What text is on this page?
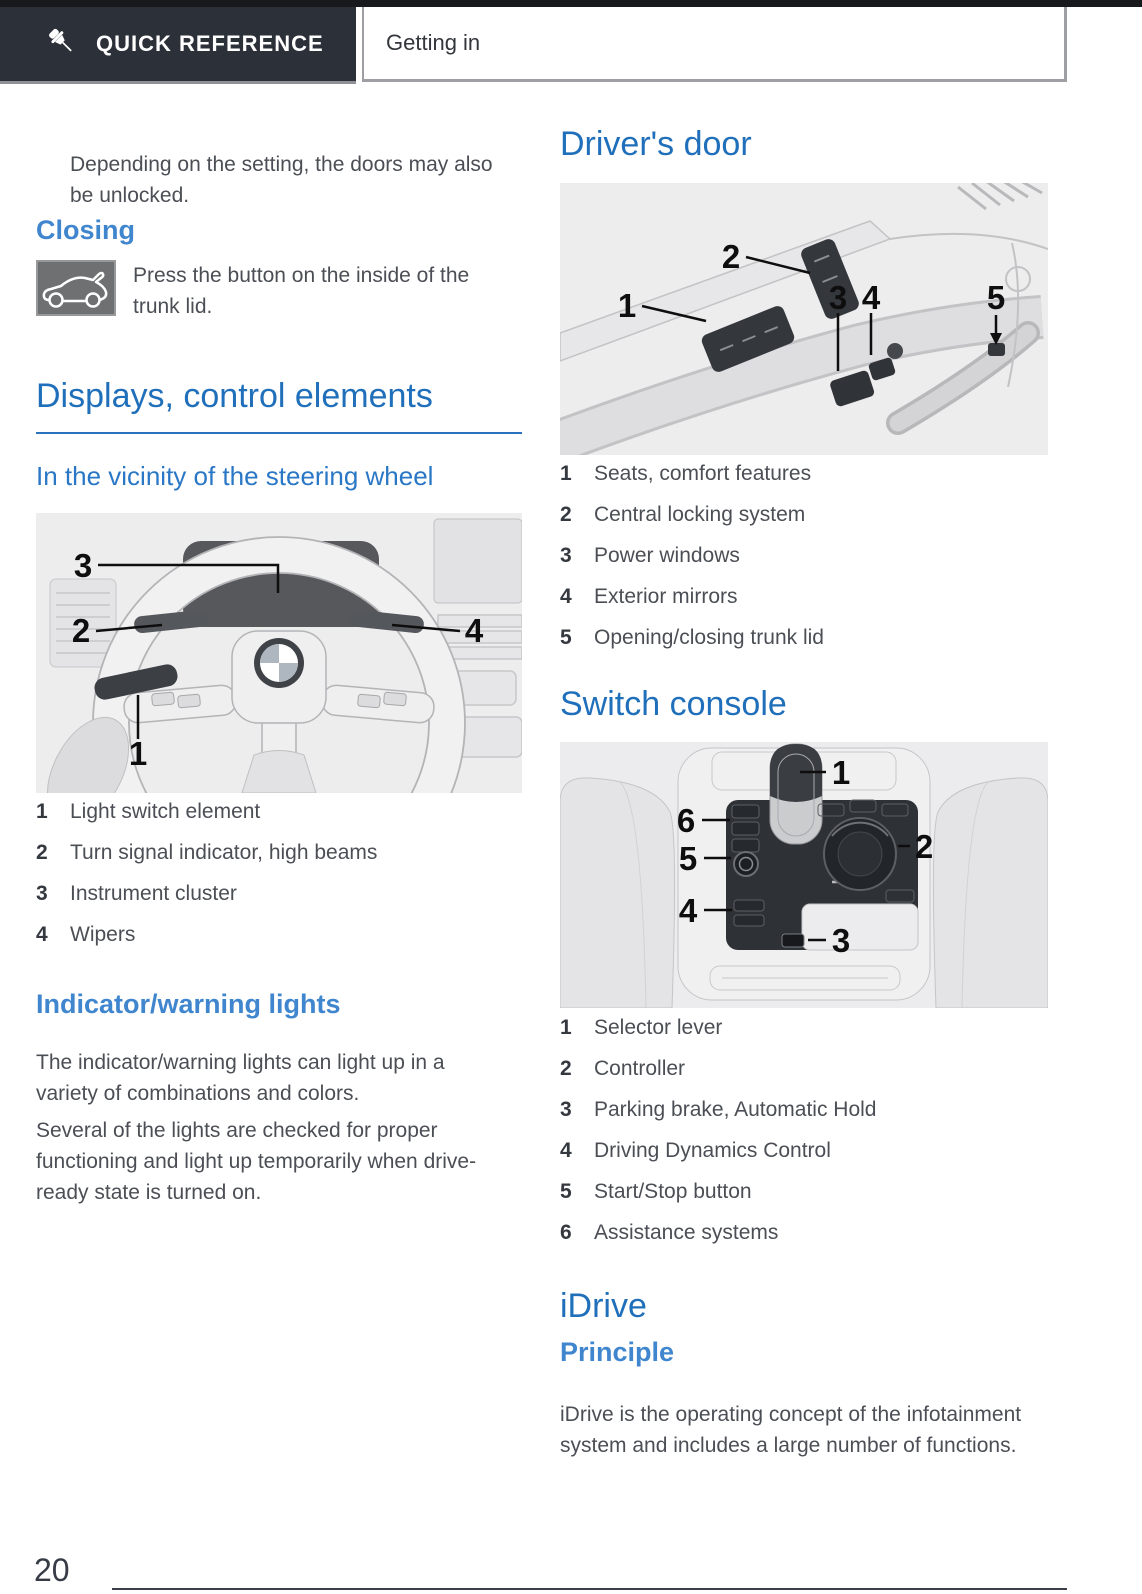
QUICK REFERENCE	Getting in

Depending on the setting, the doors may also be unlocked.

Closing
Press the button on the inside of the trunk lid.
Displays, control elements
In the vicinity of the steering wheel
3
2	4
1
1	Light switch element
2	Turn signal indicator, high beams
3	Instrument cluster
4	Wipers
Indicator/warning lights

The indicator/warning lights can light up in a variety of combinations and colors.

Several of the lights are checked for proper functioning and light up temporarily when drive-ready state is turned on.

Driver's door
2
1	3 4	5
1	Seats, comfort features
2	Central locking system
3	Power windows
4	Exterior mirrors
5	Opening/closing trunk lid
Switch console
1
6
5
4
3
2
1	Selector lever
2	Controller
3	Parking brake, Automatic Hold
4	Driving Dynamics Control
5	Start/Stop button
6	Assistance systems
iDrive
Principle

iDrive is the operating concept of the infotainment system and includes a large number of functions.

20
